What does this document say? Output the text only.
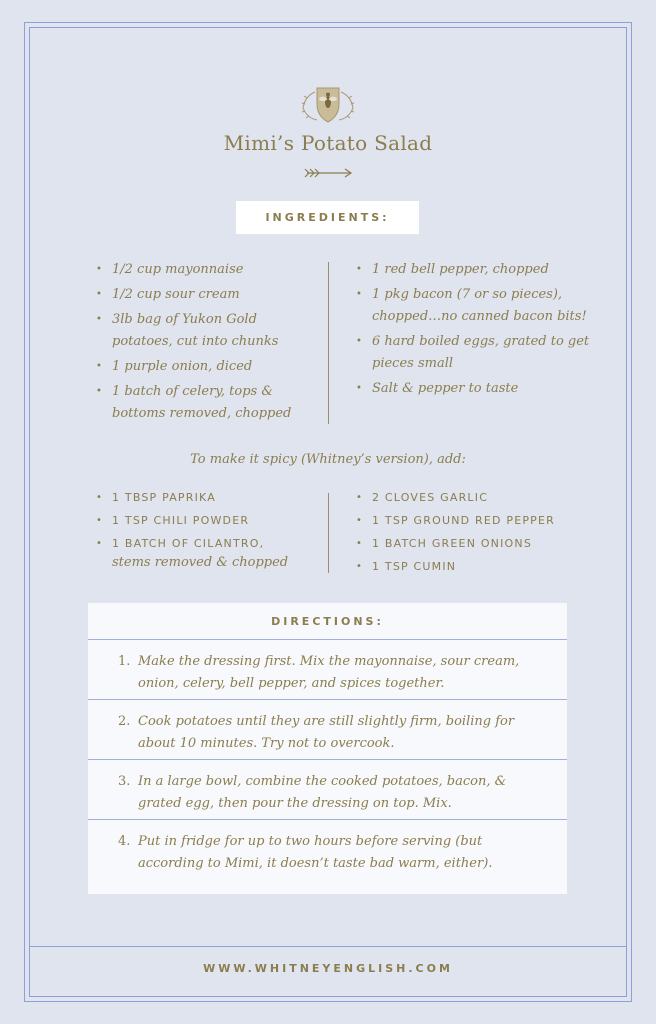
Mimi’s Potato Salad
INGREDIENTS:
• 1/2 cup mayonnaise
• 1/2 cup sour cream
• 3lb bag of Yukon Gold potatoes, cut into chunks
• 1 purple onion, diced
• 1 batch of celery, tops & bottoms removed, chopped
• 1 red bell pepper, chopped
• 1 pkg bacon (7 or so pieces), chopped…no canned bacon bits!
• 6 hard boiled eggs, grated to get pieces small
• Salt & pepper to taste
To make it spicy (Whitney’s version), add:
• 1 TBSP PAPRIKA
• 1 TSP CHILI POWDER
• 1 BATCH OF CILANTRO,
stems removed & chopped
• 2 CLOVES GARLIC
• 1 TSP GROUND RED PEPPER
• 1 BATCH GREEN ONIONS
• 1 TSP CUMIN
DIRECTIONS:
1. Make the dressing first. Mix the mayonnaise, sour cream, onion, celery, bell pepper, and spices together.
2. Cook potatoes until they are still slightly firm, boiling for about 10 minutes. Try not to overcook.
3. In a large bowl, combine the cooked potatoes, bacon, & grated egg, then pour the dressing on top. Mix.
4. Put in fridge for up to two hours before serving (but according to Mimi, it doesn’t taste bad warm, either).
WWW.WHITNEYENGLISH.COM
